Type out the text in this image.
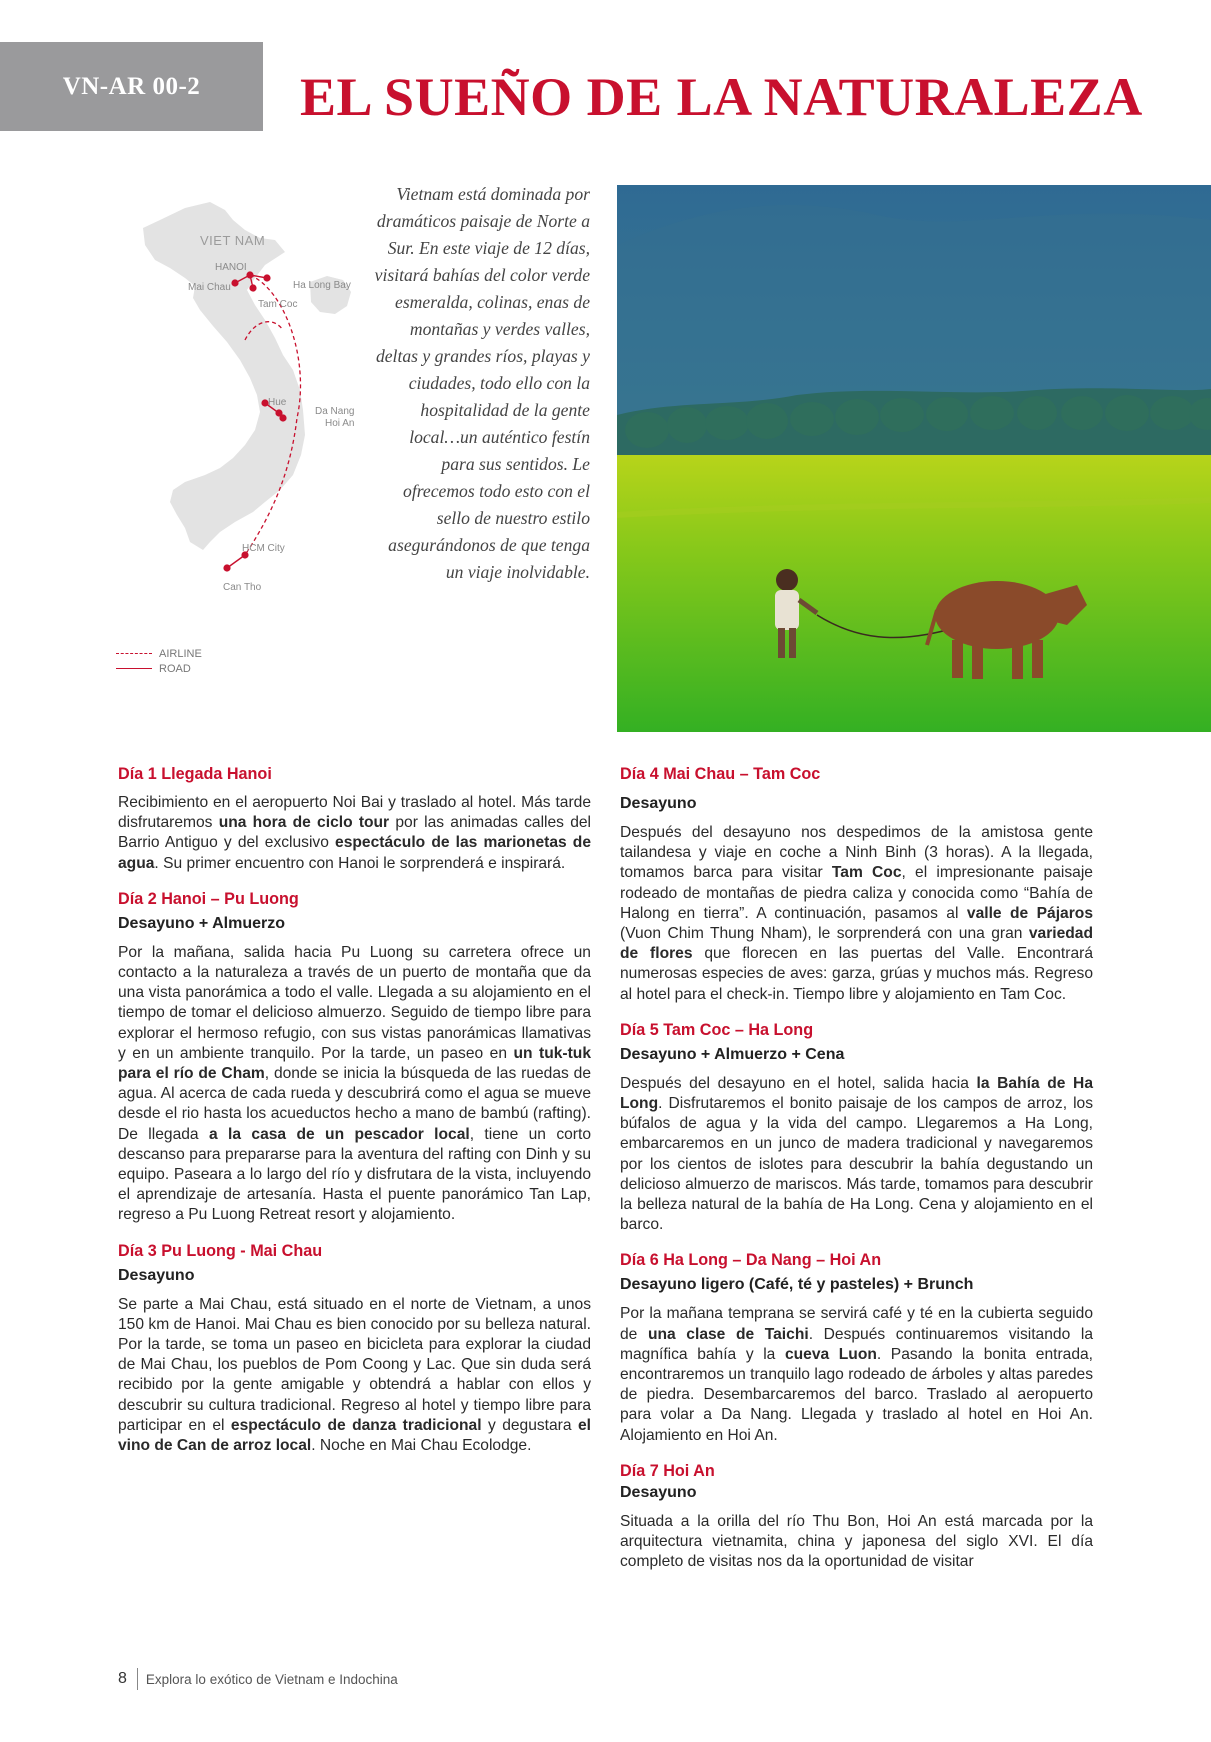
VN-AR 00-2 EL SUEÑO DE LA NATURALEZA
VIET NAM
HANOI
Ha Long Bay
Mai Chau
Tam Coc
Hue
Da Nang
Hoi An
HCM City
Can Tho
AIRLINE
ROAD

Vietnam está dominada por dramáticos paisaje de Norte a Sur. En este viaje de 12 días, visitará bahías del color verde esmeralda, colinas, enas de montañas y verdes valles, deltas y grandes ríos, playas y ciudades, todo ello con la hospitalidad de la gente local…un auténtico festín para sus sentidos. Le ofrecemos todo esto con el sello de nuestro estilo asegurándonos de que tenga un viaje inolvidable.

Día 1 Llegada Hanoi

Recibimiento en el aeropuerto Noi Bai y traslado al hotel. Más tarde disfrutaremos una hora de ciclo tour por las animadas calles del Barrio Antiguo y del exclusivo espectáculo de las marionetas de agua. Su primer encuentro con Hanoi le sorprenderá e inspirará.

Día 2 Hanoi – Pu Luong

Desayuno + Almuerzo

Por la mañana, salida hacia Pu Luong su carretera ofrece un contacto a la naturaleza a través de un puerto de montaña que da una vista panorámica a todo el valle. Llegada a su alojamiento en el tiempo de tomar el delicioso almuerzo. Seguido de tiempo libre para explorar el hermoso refugio, con sus vistas panorámicas llamativas y en un ambiente tranquilo. Por la tarde, un paseo en un tuk-tuk para el río de Cham, donde se inicia la búsqueda de las ruedas de agua. Al acerca de cada rueda y descubrirá como el agua se mueve desde el rio hasta los acueductos hecho a mano de bambú (rafting). De llegada a la casa de un pescador local, tiene un corto descanso para prepararse para la aventura del rafting con Dinh y su equipo. Paseara a lo largo del río y disfrutara de la vista, incluyendo el aprendizaje de artesanía. Hasta el puente panorámico Tan Lap, regreso a Pu Luong Retreat resort y alojamiento.

Día 3 Pu Luong - Mai Chau

Desayuno

Se parte a Mai Chau, está situado en el norte de Vietnam, a unos 150 km de Hanoi. Mai Chau es bien conocido por su belleza natural. Por la tarde, se toma un paseo en bicicleta para explorar la ciudad de Mai Chau, los pueblos de Pom Coong y Lac. Que sin duda será recibido por la gente amigable y obtendrá a hablar con ellos y descubrir su cultura tradicional. Regreso al hotel y tiempo libre para participar en el espectáculo de danza tradicional y degustara el vino de Can de arroz local. Noche en Mai Chau Ecolodge.

Día 4 Mai Chau – Tam Coc

Desayuno

Después del desayuno nos despedimos de la amistosa gente tailandesa y viaje en coche a Ninh Binh (3 horas). A la llegada, tomamos barca para visitar Tam Coc, el impresionante paisaje rodeado de montañas de piedra caliza y conocida como “Bahía de Halong en tierra”. A continuación, pasamos al valle de Pájaros (Vuon Chim Thung Nham), le sorprenderá con una gran variedad de flores que florecen en las puertas del Valle. Encontrará numerosas especies de aves: garza, grúas y muchos más. Regreso al hotel para el check-in. Tiempo libre y alojamiento en Tam Coc.

Día 5 Tam Coc – Ha Long

Desayuno + Almuerzo + Cena

Después del desayuno en el hotel, salida hacia la Bahía de Ha Long. Disfrutaremos el bonito paisaje de los campos de arroz, los búfalos de agua y la vida del campo. Llegaremos a Ha Long, embarcaremos en un junco de madera tradicional y navegaremos por los cientos de islotes para descubrir la bahía degustando un delicioso almuerzo de mariscos. Más tarde, tomamos para descubrir la belleza natural de la bahía de Ha Long. Cena y alojamiento en el barco.

Día 6 Ha Long – Da Nang – Hoi An

Desayuno ligero (Café, té y pasteles) + Brunch

Por la mañana temprana se servirá café y té en la cubierta seguido de una clase de Taichi. Después continuaremos visitando la magnífica bahía y la cueva Luon. Pasando la bonita entrada, encontraremos un tranquilo lago rodeado de árboles y altas paredes de piedra. Desembarcaremos del barco. Traslado al aeropuerto para volar a Da Nang. Llegada y traslado al hotel en Hoi An. Alojamiento en Hoi An.

Día 7 Hoi An

Desayuno

Situada a la orilla del río Thu Bon, Hoi An está marcada por la arquitectura vietnamita, china y japonesa del siglo XVI. El día completo de visitas nos da la oportunidad de visitar

8 Explora lo exótico de Vietnam e Indochina
